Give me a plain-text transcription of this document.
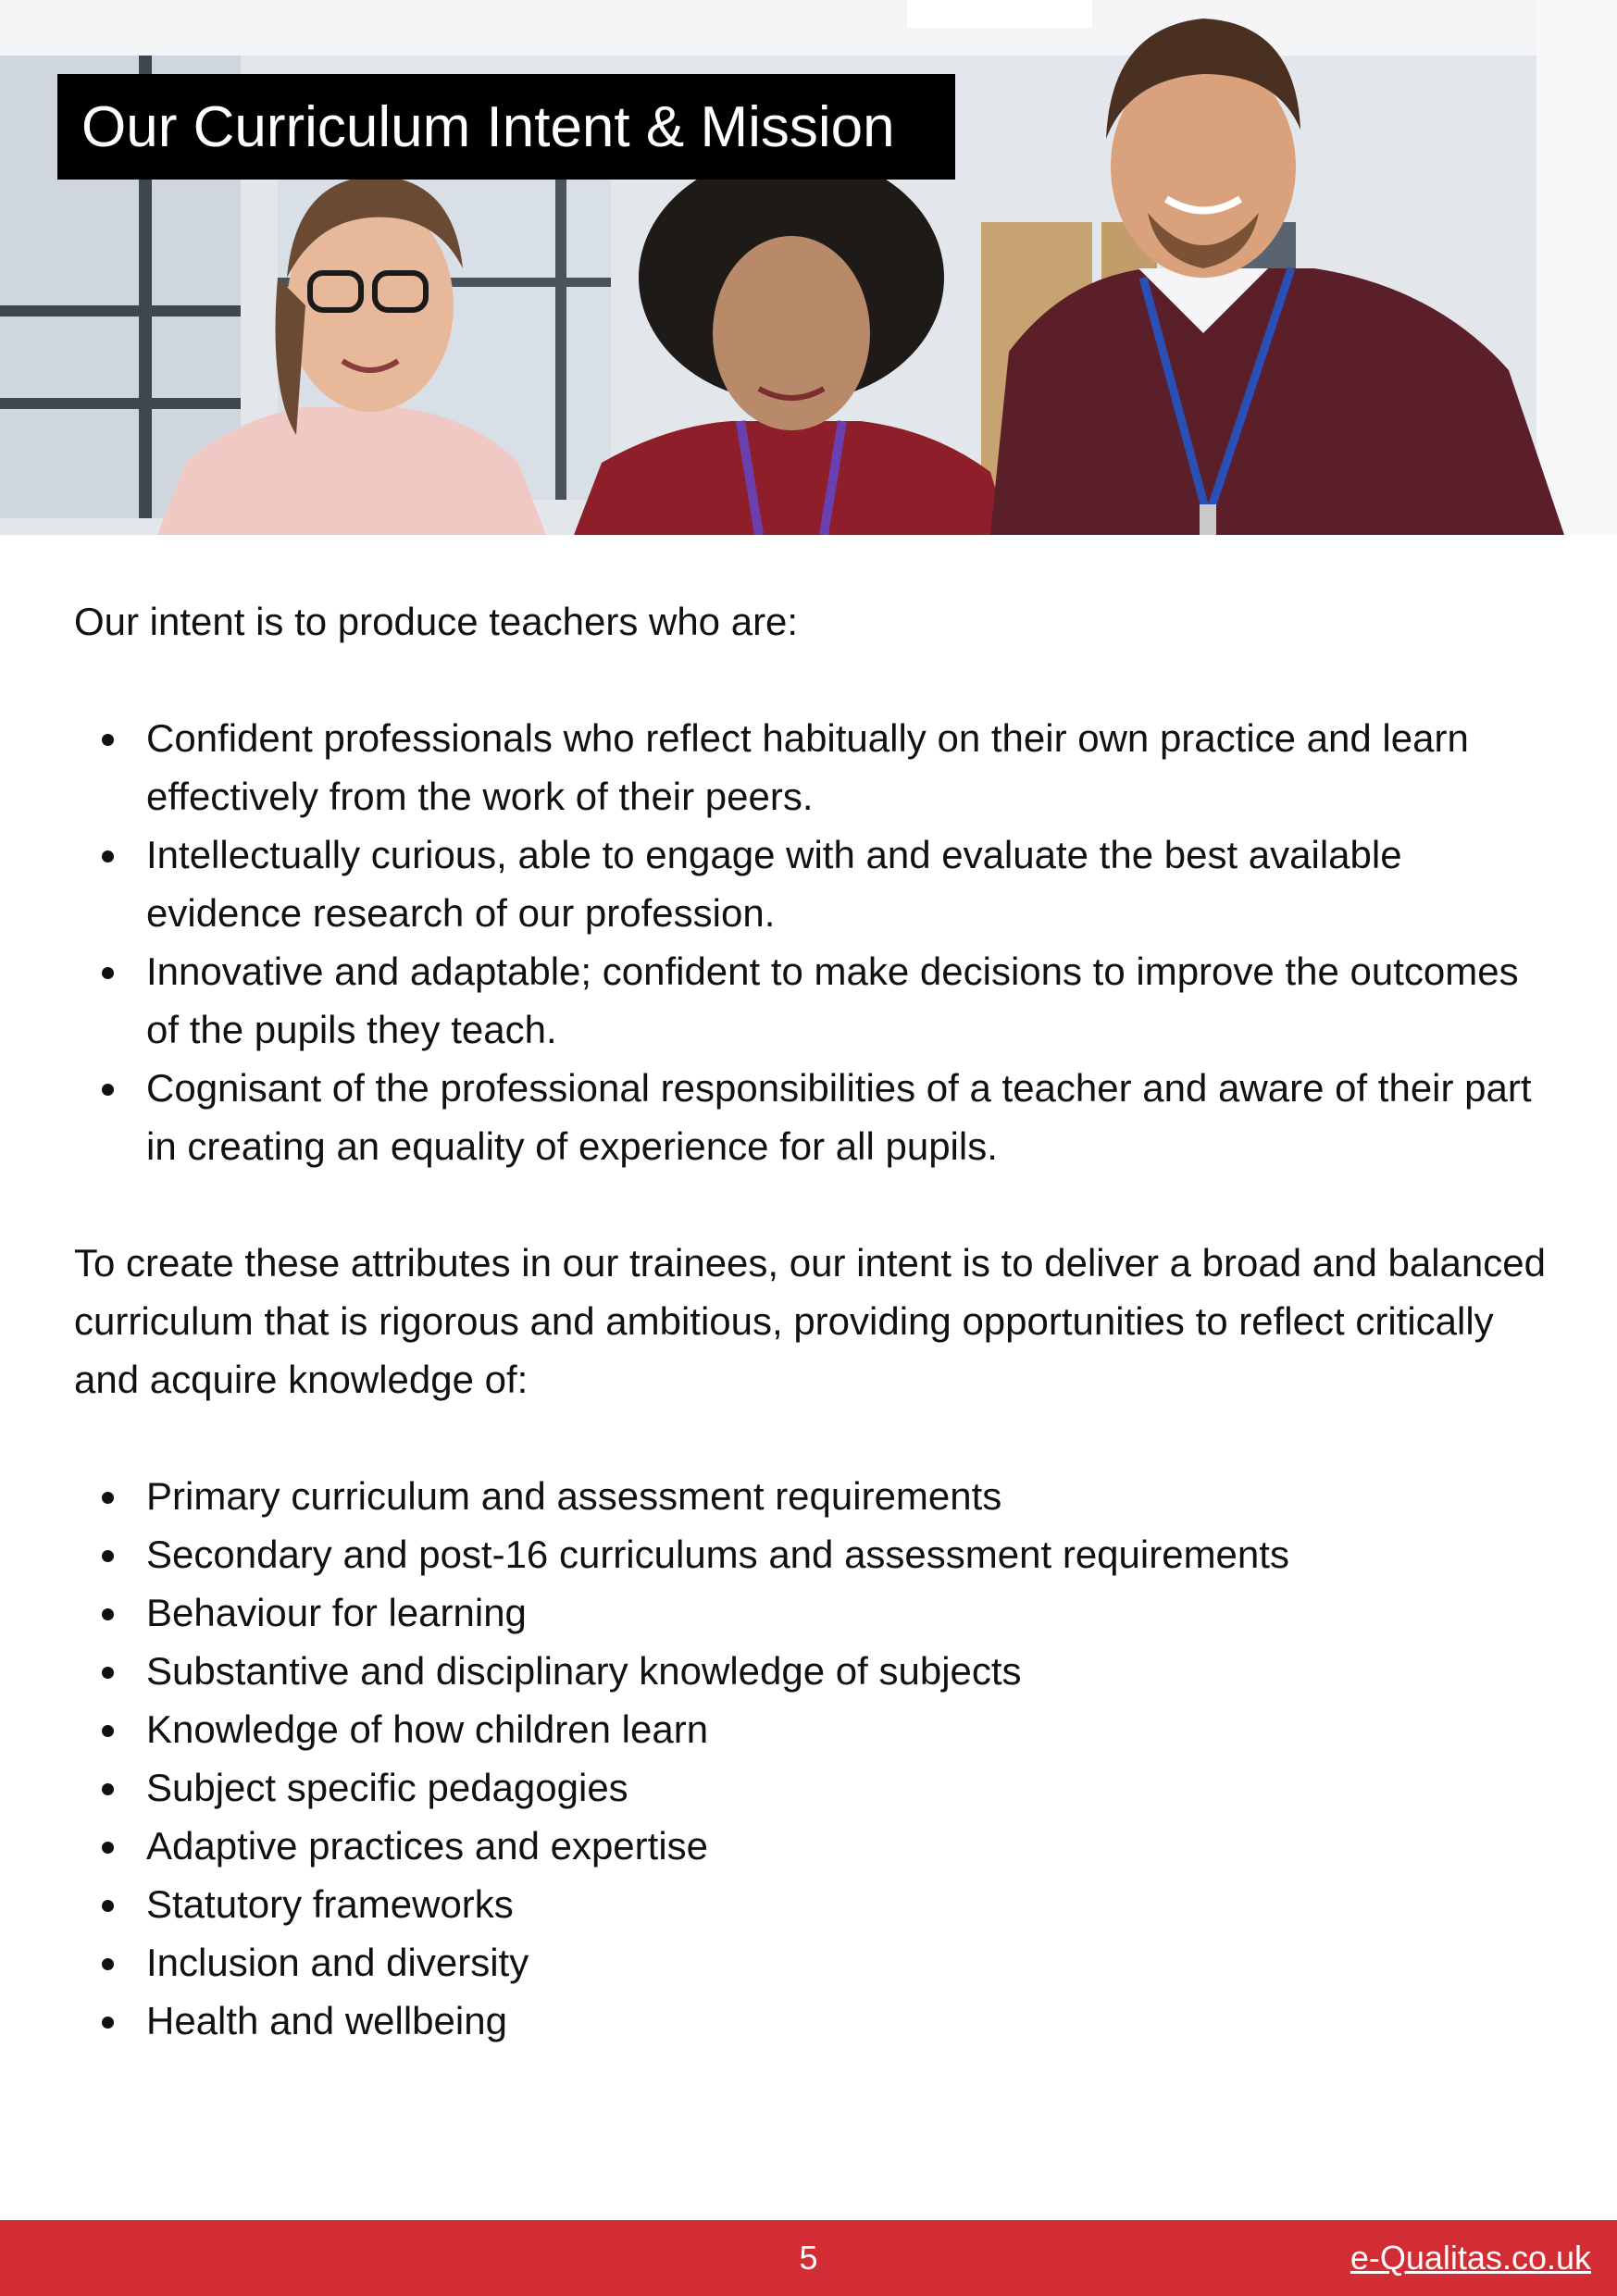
Our Curriculum Intent & Mission

Our intent is to produce teachers who are:

Confident professionals who reflect habitually on their own practice and learn effectively from the work of their peers.
Intellectually curious, able to engage with and evaluate the best available evidence research of our profession.
Innovative and adaptable; confident to make decisions to improve the outcomes of the pupils they teach.
Cognisant of the professional responsibilities of a teacher and aware of their part in creating an equality of experience for all pupils.

To create these attributes in our trainees, our intent is to deliver a broad and balanced curriculum that is rigorous and ambitious, providing opportunities to reflect critically and acquire knowledge of:

Primary curriculum and assessment requirements
Secondary and post-16 curriculums and assessment requirements
Behaviour for learning
Substantive and disciplinary knowledge of subjects
Knowledge of how children learn
Subject specific pedagogies
Adaptive practices and expertise
Statutory frameworks
Inclusion and diversity
Health and wellbeing
5	e-Qualitas.co.uk
